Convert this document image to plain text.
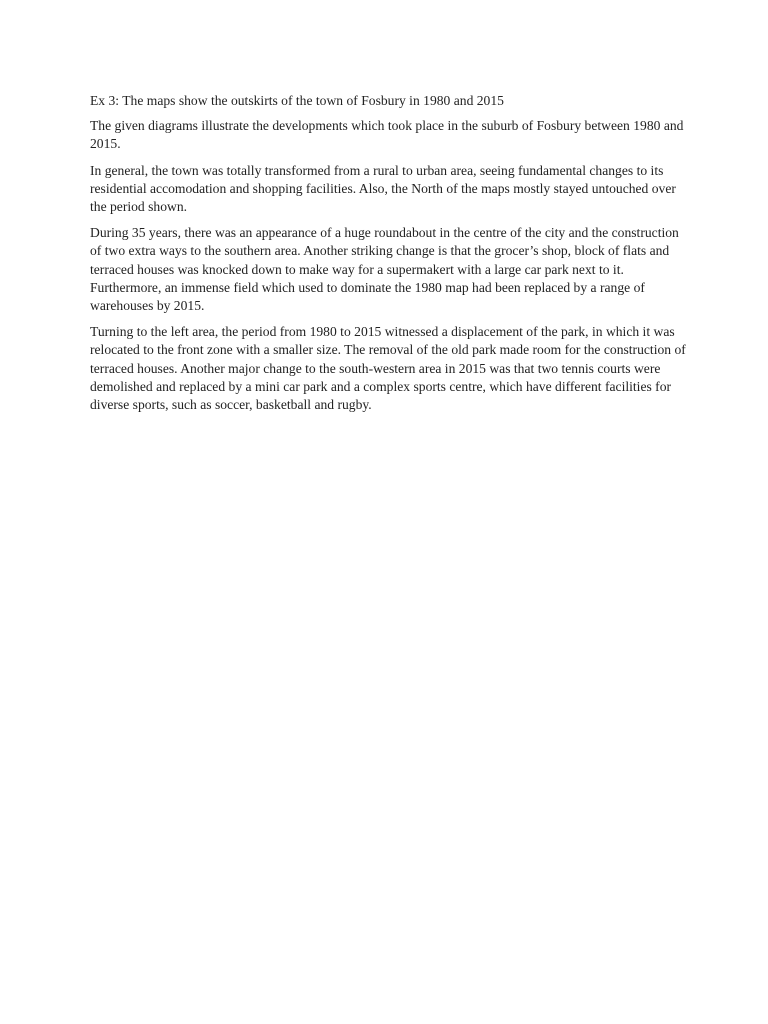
Ex 3: The maps show the outskirts of the town of Fosbury in 1980 and 2015

The given diagrams illustrate the developments which took place in the suburb of Fosbury between 1980 and 2015.

In general, the town was totally transformed from a rural to urban area, seeing fundamental changes to its residential accomodation and shopping facilities. Also, the North of the maps mostly stayed untouched over the period shown.

During 35 years, there was an appearance of a huge roundabout in the centre of the city and the construction of two extra ways to the southern area. Another striking change is that the grocer’s shop, block of flats and terraced houses was knocked down to make way for a supermakert with a large car park next to it. Furthermore, an immense field which used to dominate the 1980 map had been replaced by a range of warehouses by 2015.

Turning to the left area, the period from 1980 to 2015 witnessed a displacement of the park, in which it was relocated to the front zone with a smaller size. The removal of the old park made room for the construction of terraced houses. Another major change to the south-western area in 2015 was that two tennis courts were demolished and replaced by a mini car park and a complex sports centre, which have different facilities for diverse sports, such as soccer, basketball and rugby.
